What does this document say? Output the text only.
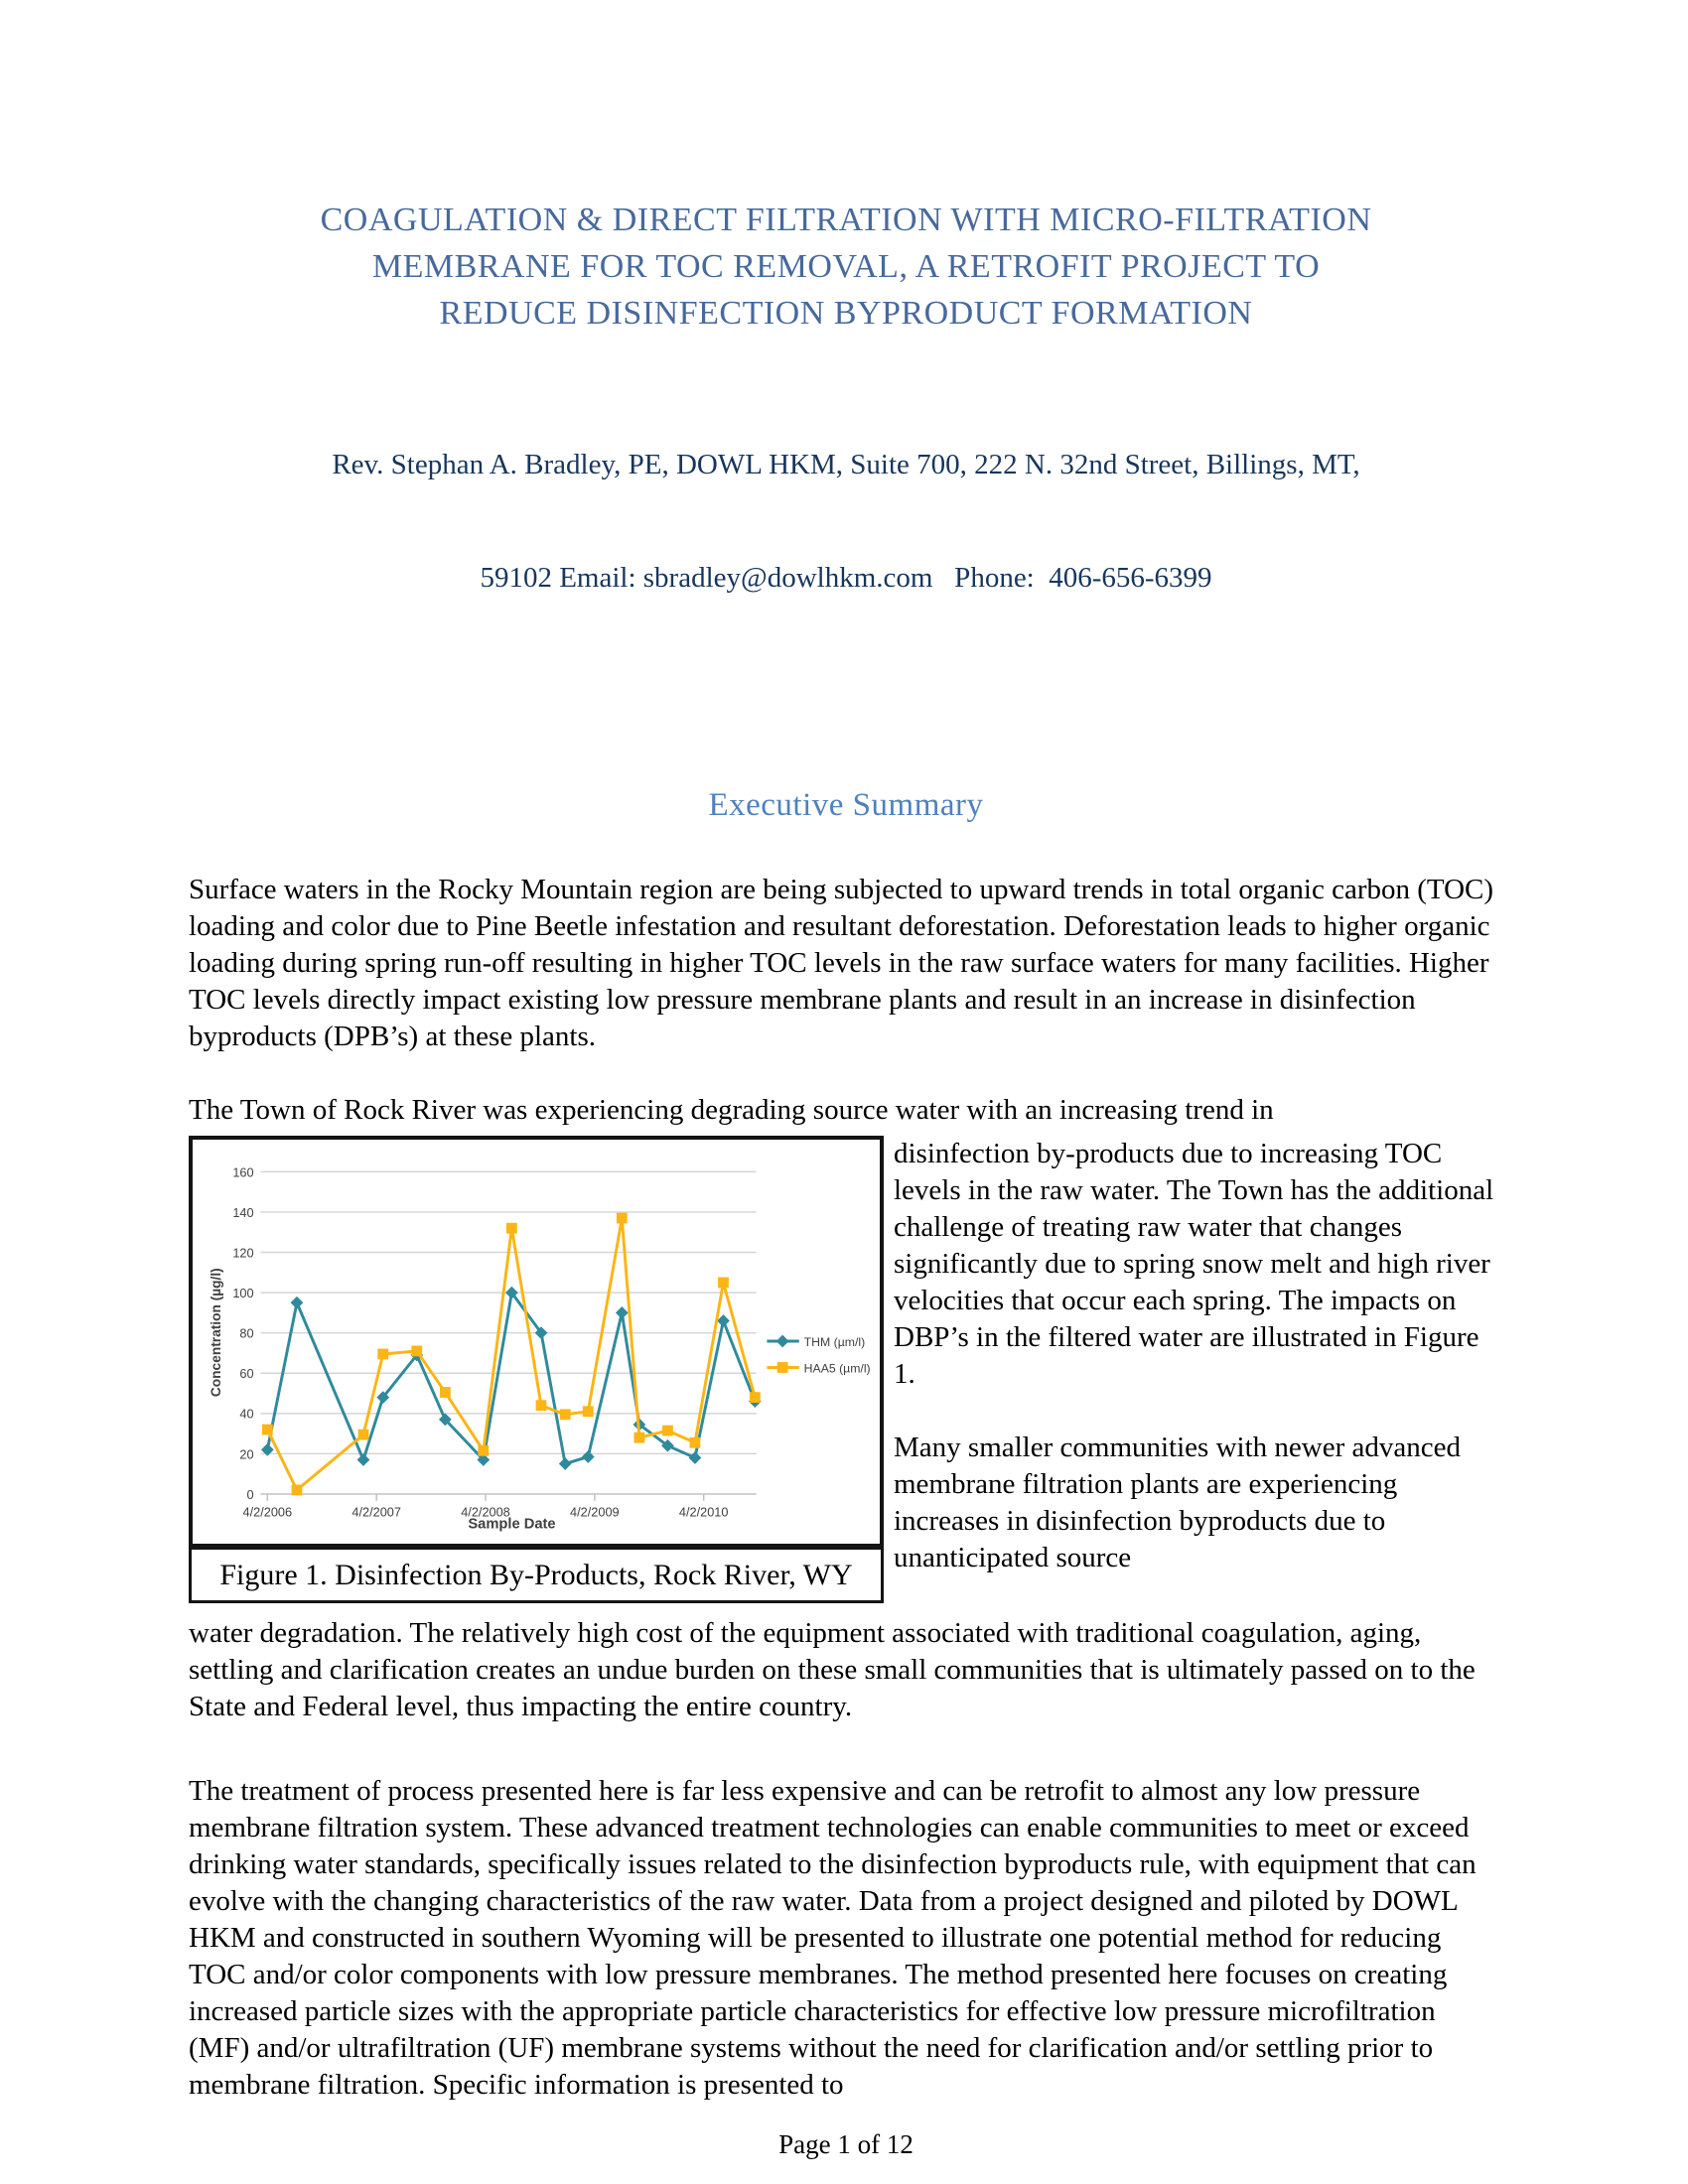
COAGULATION & DIRECT FILTRATION WITH MICRO-FILTRATION
MEMBRANE FOR TOC REMOVAL, A RETROFIT PROJECT TO
REDUCE DISINFECTION BYPRODUCT FORMATION

Rev. Stephan A. Bradley, PE, DOWL HKM, Suite 700, 222 N. 32nd Street, Billings, MT,

59102 Email: sbradley@dowlhkm.com   Phone:  406-656-6399

Executive Summary

Surface waters in the Rocky Mountain region are being subjected to upward trends in total organic carbon (TOC) loading and color due to Pine Beetle infestation and resultant deforestation. Deforestation leads to higher organic loading during spring run-off resulting in higher TOC levels in the raw surface waters for many facilities. Higher TOC levels directly impact existing low pressure membrane plants and result in an increase in disinfection byproducts (DPB’s) at these plants.

The Town of Rock River was experiencing degrading source water with an increasing trend in

0
20
40
60
80
100
120
140
160
4/2/2006	4/2/2007	4/2/2008	4/2/2009	4/2/2010
Sample Date
Concentration (µg/l)	THM (µm/l)
HAA5 (µm/l)
Figure 1. Disinfection By-Products, Rock River, WY

disinfection by-products due to increasing TOC levels in the raw water. The Town has the additional challenge of treating raw water that changes significantly due to spring snow melt and high river velocities that occur each spring. The impacts on DBP’s in the filtered water are illustrated in Figure 1.

Many smaller communities with newer advanced membrane filtration plants are experiencing increases in disinfection byproducts due to unanticipated source

water degradation. The relatively high cost of the equipment associated with traditional coagulation, aging, settling and clarification creates an undue burden on these small communities that is ultimately passed on to the State and Federal level, thus impacting the entire country.

The treatment of process presented here is far less expensive and can be retrofit to almost any low pressure membrane filtration system. These advanced treatment technologies can enable communities to meet or exceed drinking water standards, specifically issues related to the disinfection byproducts rule, with equipment that can evolve with the changing characteristics of the raw water. Data from a project designed and piloted by DOWL HKM and constructed in southern Wyoming will be presented to illustrate one potential method for reducing TOC and/or color components with low pressure membranes. The method presented here focuses on creating increased particle sizes with the appropriate particle characteristics for effective low pressure microfiltration (MF) and/or ultrafiltration (UF) membrane systems without the need for clarification and/or settling prior to membrane filtration. Specific information is presented to

Page 1 of 12
